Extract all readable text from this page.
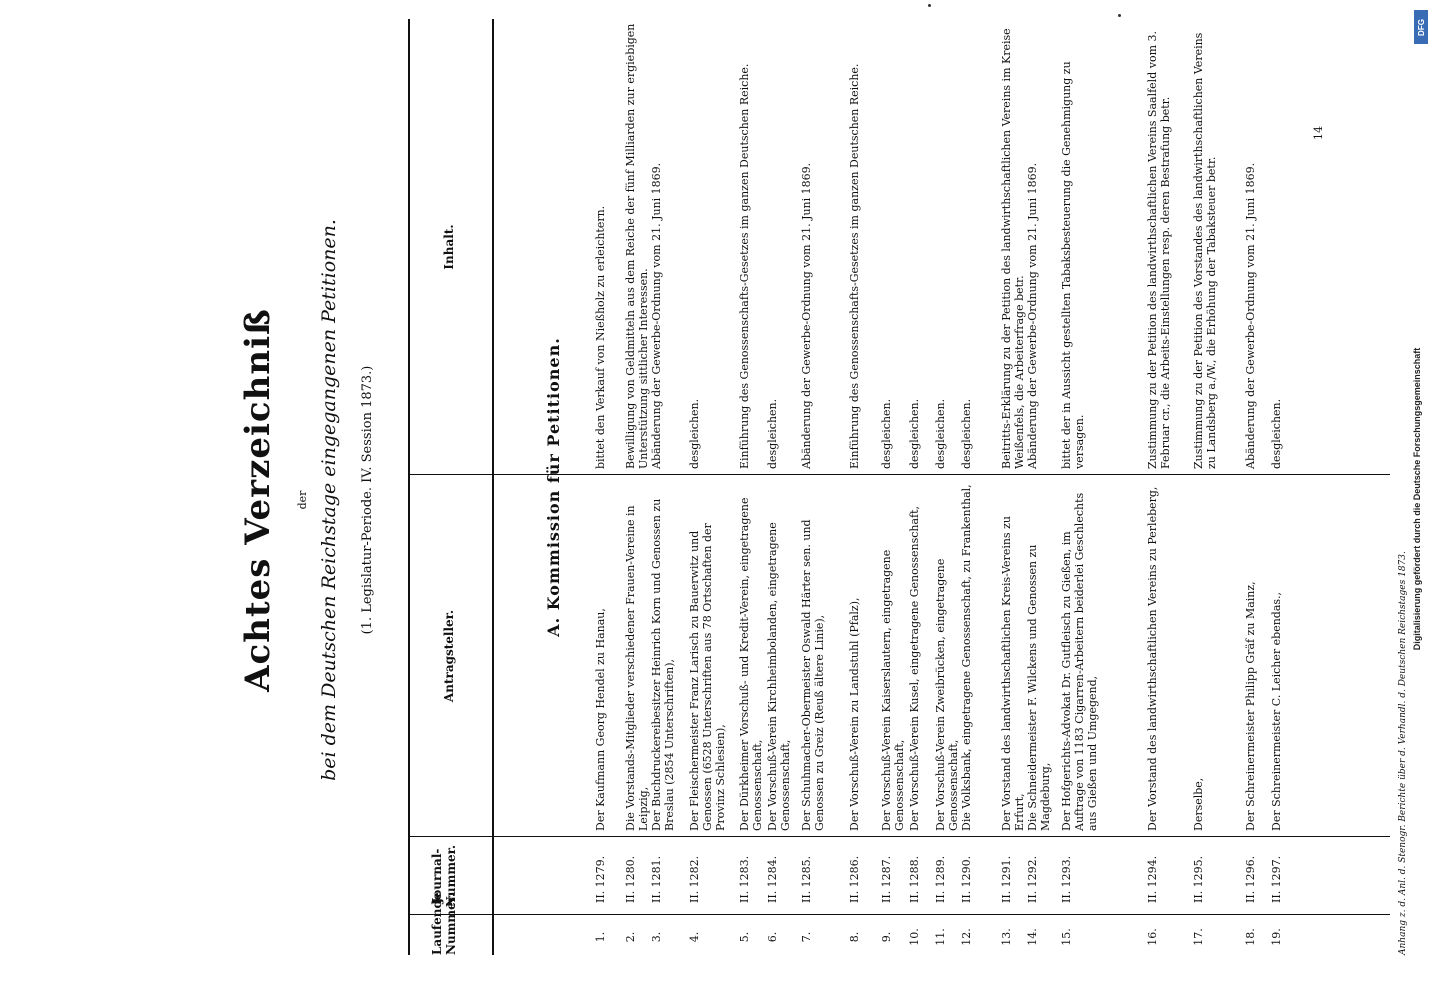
Achtes Verzeichniß der bei dem Deutschen Reichstage eingegangenen Petitionen. (1. Legislatur-Periode. IV. Session 1873.)
Laufende Nummer.
Journal-Nummer.
Antragsteller.
Inhalt.
A. Kommission für Petitionen.
1.
II. 1279.
Der Kaufmann Georg Hendel zu Hanau,
bittet den Verkauf von Nießholz zu erleichtern.
2.
II. 1280.
Die Vorstands-Mitglieder verschiedener Frauen-Vereine in Leipzig,
Bewilligung von Geldmitteln aus dem Reiche der fünf Milliarden zur ergiebigen Unterstützung sittlicher Interessen.
3.
II. 1281.
Der Buchdruckereibesitzer Heinrich Korn und Genossen zu Breslau (2854 Unterschriften),
Abänderung der Gewerbe-Ordnung vom 21. Juni 1869.
4.
II. 1282.
Der Fleischermeister Franz Larisch zu Bauerwitz und Genossen (6528 Unterschriften aus 78 Ortschaften der Provinz Schlesien),
desgleichen.
5.
II. 1283.
Der Dürkheimer Vorschuß- und Kredit-Verein, eingetragene Genossenschaft,
Einführung des Genossenschafts-Gesetzes im ganzen Deutschen Reiche.
6.
II. 1284.
Der Vorschuß-Verein Kirchheimbolanden, eingetragene Genossenschaft,
desgleichen.
7.
II. 1285.
Der Schuhmacher-Obermeister Oswald Härter sen. und Genossen zu Greiz (Reuß ältere Linie),
Abänderung der Gewerbe-Ordnung vom 21. Juni 1869.
8.
II. 1286.
Der Vorschuß-Verein zu Landstuhl (Pfalz),
Einführung des Genossenschafts-Gesetzes im ganzen Deutschen Reiche.
9.
II. 1287.
Der Vorschuß-Verein Kaiserslautern, eingetragene Genossenschaft,
desgleichen.
10.
II. 1288.
Der Vorschuß-Verein Kusel, eingetragene Genossenschaft,
desgleichen.
11.
II. 1289.
Der Vorschuß-Verein Zweibrücken, eingetragene Genossenschaft,
desgleichen.
12.
II. 1290.
Die Volksbank, eingetragene Genossenschaft, zu Frankenthal,
desgleichen.
13.
II. 1291.
Der Vorstand des landwirthschaftlichen Kreis-Vereins zu Erfurt,
Beitritts-Erklärung zu der Petition des landwirthschaftlichen Vereins im Kreise Weißenfels, die Arbeiterfrage betr.
14.
II. 1292.
Die Schneidermeister F. Wilckens und Genossen zu Magdeburg,
Abänderung der Gewerbe-Ordnung vom 21. Juni 1869.
15.
II. 1293.
Der Hofgerichts-Advokat Dr. Gutfleisch zu Gießen, im Auftrage von 1183 Cigarren-Arbeitern beiderlei Geschlechts aus Gießen und Umgegend,
bittet der in Aussicht gestellten Tabaksbesteuerung die Genehmigung zu versagen.
16.
II. 1294.
Der Vorstand des landwirthschaftlichen Vereins zu Perleberg,
Zustimmung zu der Petition des landwirthschaftlichen Vereins Saalfeld vom 3. Februar cr., die Arbeits-Einstellungen resp. deren Bestrafung betr.
17.
II. 1295.
Derselbe,
Zustimmung zu der Petition des Vorstandes des landwirthschaftlichen Vereins zu Landsberg a./W., die Erhöhung der Tabaksteuer betr.
18.
II. 1296.
Der Schreinermeister Philipp Gräf zu Mainz,
Abänderung der Gewerbe-Ordnung vom 21. Juni 1869.
19.
II. 1297.
Der Schreinermeister C. Leicher ebendas.,
desgleichen.
14
Anhang z. d. Anl. d. Stenogr. Berichte über d. Verhandl. d. Deutschen Reichstages 1873.
DFG
Digitalisierung gefördert durch die Deutsche Forschungsgemeinschaft
